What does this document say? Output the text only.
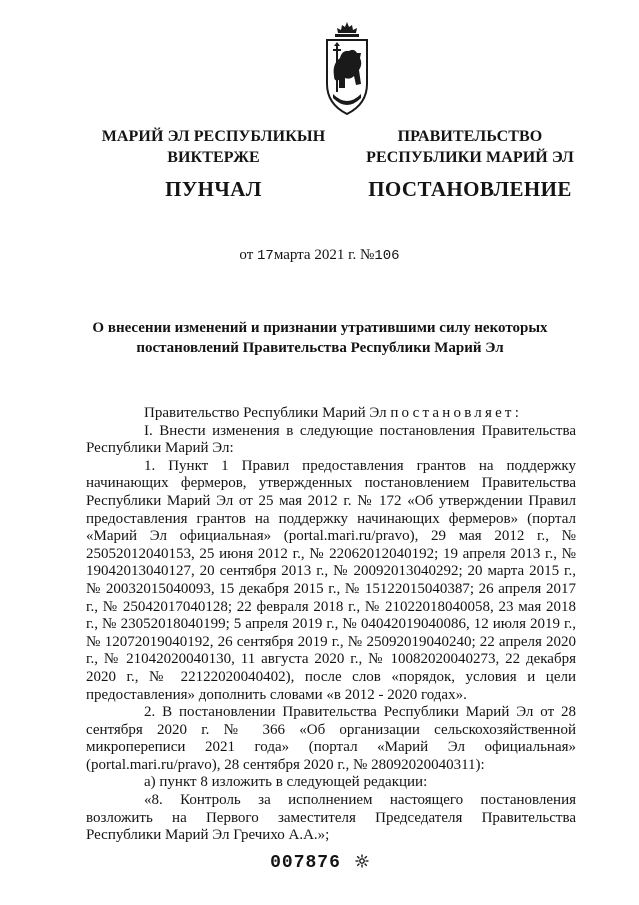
МАРИЙ ЭЛ РЕСПУБЛИКЫН
ВИКТЕРЖЕ
ПУНЧАЛ
ПРАВИТЕЛЬСТВО
РЕСПУБЛИКИ МАРИЙ ЭЛ
ПОСТАНОВЛЕНИЕ
от 17марта 2021 г. №106
О внесении изменений и признании утратившими силу некоторых
постановлений Правительства Республики Марий Эл

Правительство Республики Марий Эл постановляет:

I. Внести изменения в следующие постановления Правительства Республики Марий Эл:

1. Пункт 1 Правил предоставления грантов на поддержку начинающих фермеров, утвержденных постановлением Правительства Республики Марий Эл от 25 мая 2012 г. № 172 «Об утверждении Правил предоставления грантов на поддержку начинающих фермеров» (портал «Марий Эл официальная» (portal.mari.ru/pravo), 29 мая 2012 г., № 25052012040153, 25 июня 2012 г., № 22062012040192; 19 апреля 2013 г., № 19042013040127, 20 сентября 2013 г., № 20092013040292; 20 марта 2015 г., № 20032015040093, 15 декабря 2015 г., № 15122015040387; 26 апреля 2017 г., № 25042017040128; 22 февраля 2018 г., № 21022018040058, 23 мая 2018 г., № 23052018040199; 5 апреля 2019 г., № 04042019040086, 12 июля 2019 г., № 12072019040192, 26 сентября 2019 г., № 25092019040240; 22 апреля 2020 г., № 21042020040130, 11 августа 2020 г., № 10082020040273, 22 декабря 2020 г., № 22122020040402), после слов «порядок, условия и цели предоставления» дополнить словами «в 2012 - 2020 годах».

2. В постановлении Правительства Республики Марий Эл от 28 сентября 2020 г. № 366 «Об организации сельскохозяйственной микропереписи 2021 года» (портал «Марий Эл официальная» (portal.mari.ru/pravo), 28 сентября 2020 г., № 28092020040311):

а) пункт 8 изложить в следующей редакции:

«8. Контроль за исполнением настоящего постановления возложить на Первого заместителя Председателя Правительства Республики Марий Эл Гречихо А.А.»;

007876
